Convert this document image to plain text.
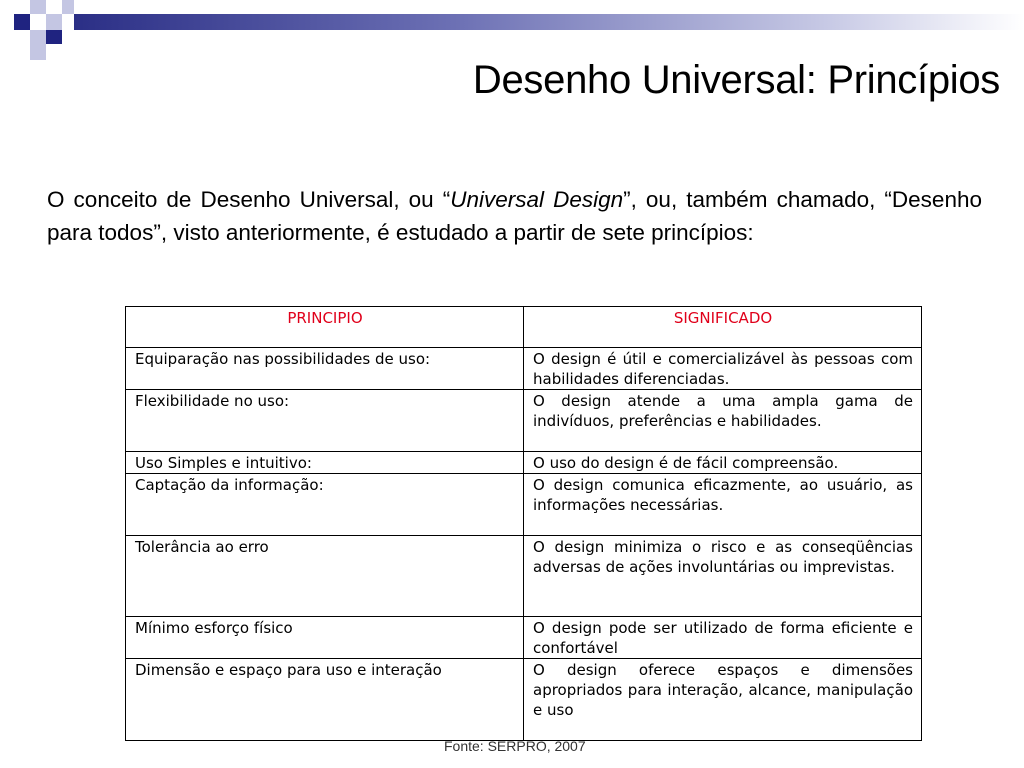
Desenho Universal: Princípios

O conceito de Desenho Universal, ou “Universal Design”, ou, também chamado, “Desenho para todos”, visto anteriormente, é estudado a partir de sete princípios:

PRINCIPIO	SIGNIFICADO
Equiparação nas possibilidades de uso:	O design é útil e comercializável às pessoas com habilidades diferenciadas.
Flexibilidade no uso:	O design atende a uma ampla gama de indivíduos, preferências e habilidades.
Uso Simples e intuitivo:	O uso do design é de fácil compreensão.
Captação da informação:	O design comunica eficazmente, ao usuário, as informações necessárias.
Tolerância ao erro	O design minimiza o risco e as conseqüências adversas de ações involuntárias ou imprevistas.
Mínimo esforço físico	O design pode ser utilizado de forma eficiente e confortável
Dimensão e espaço para uso e interação	O design oferece espaços e dimensões apropriados para interação, alcance, manipulação e uso
Fonte: SERPRO, 2007
